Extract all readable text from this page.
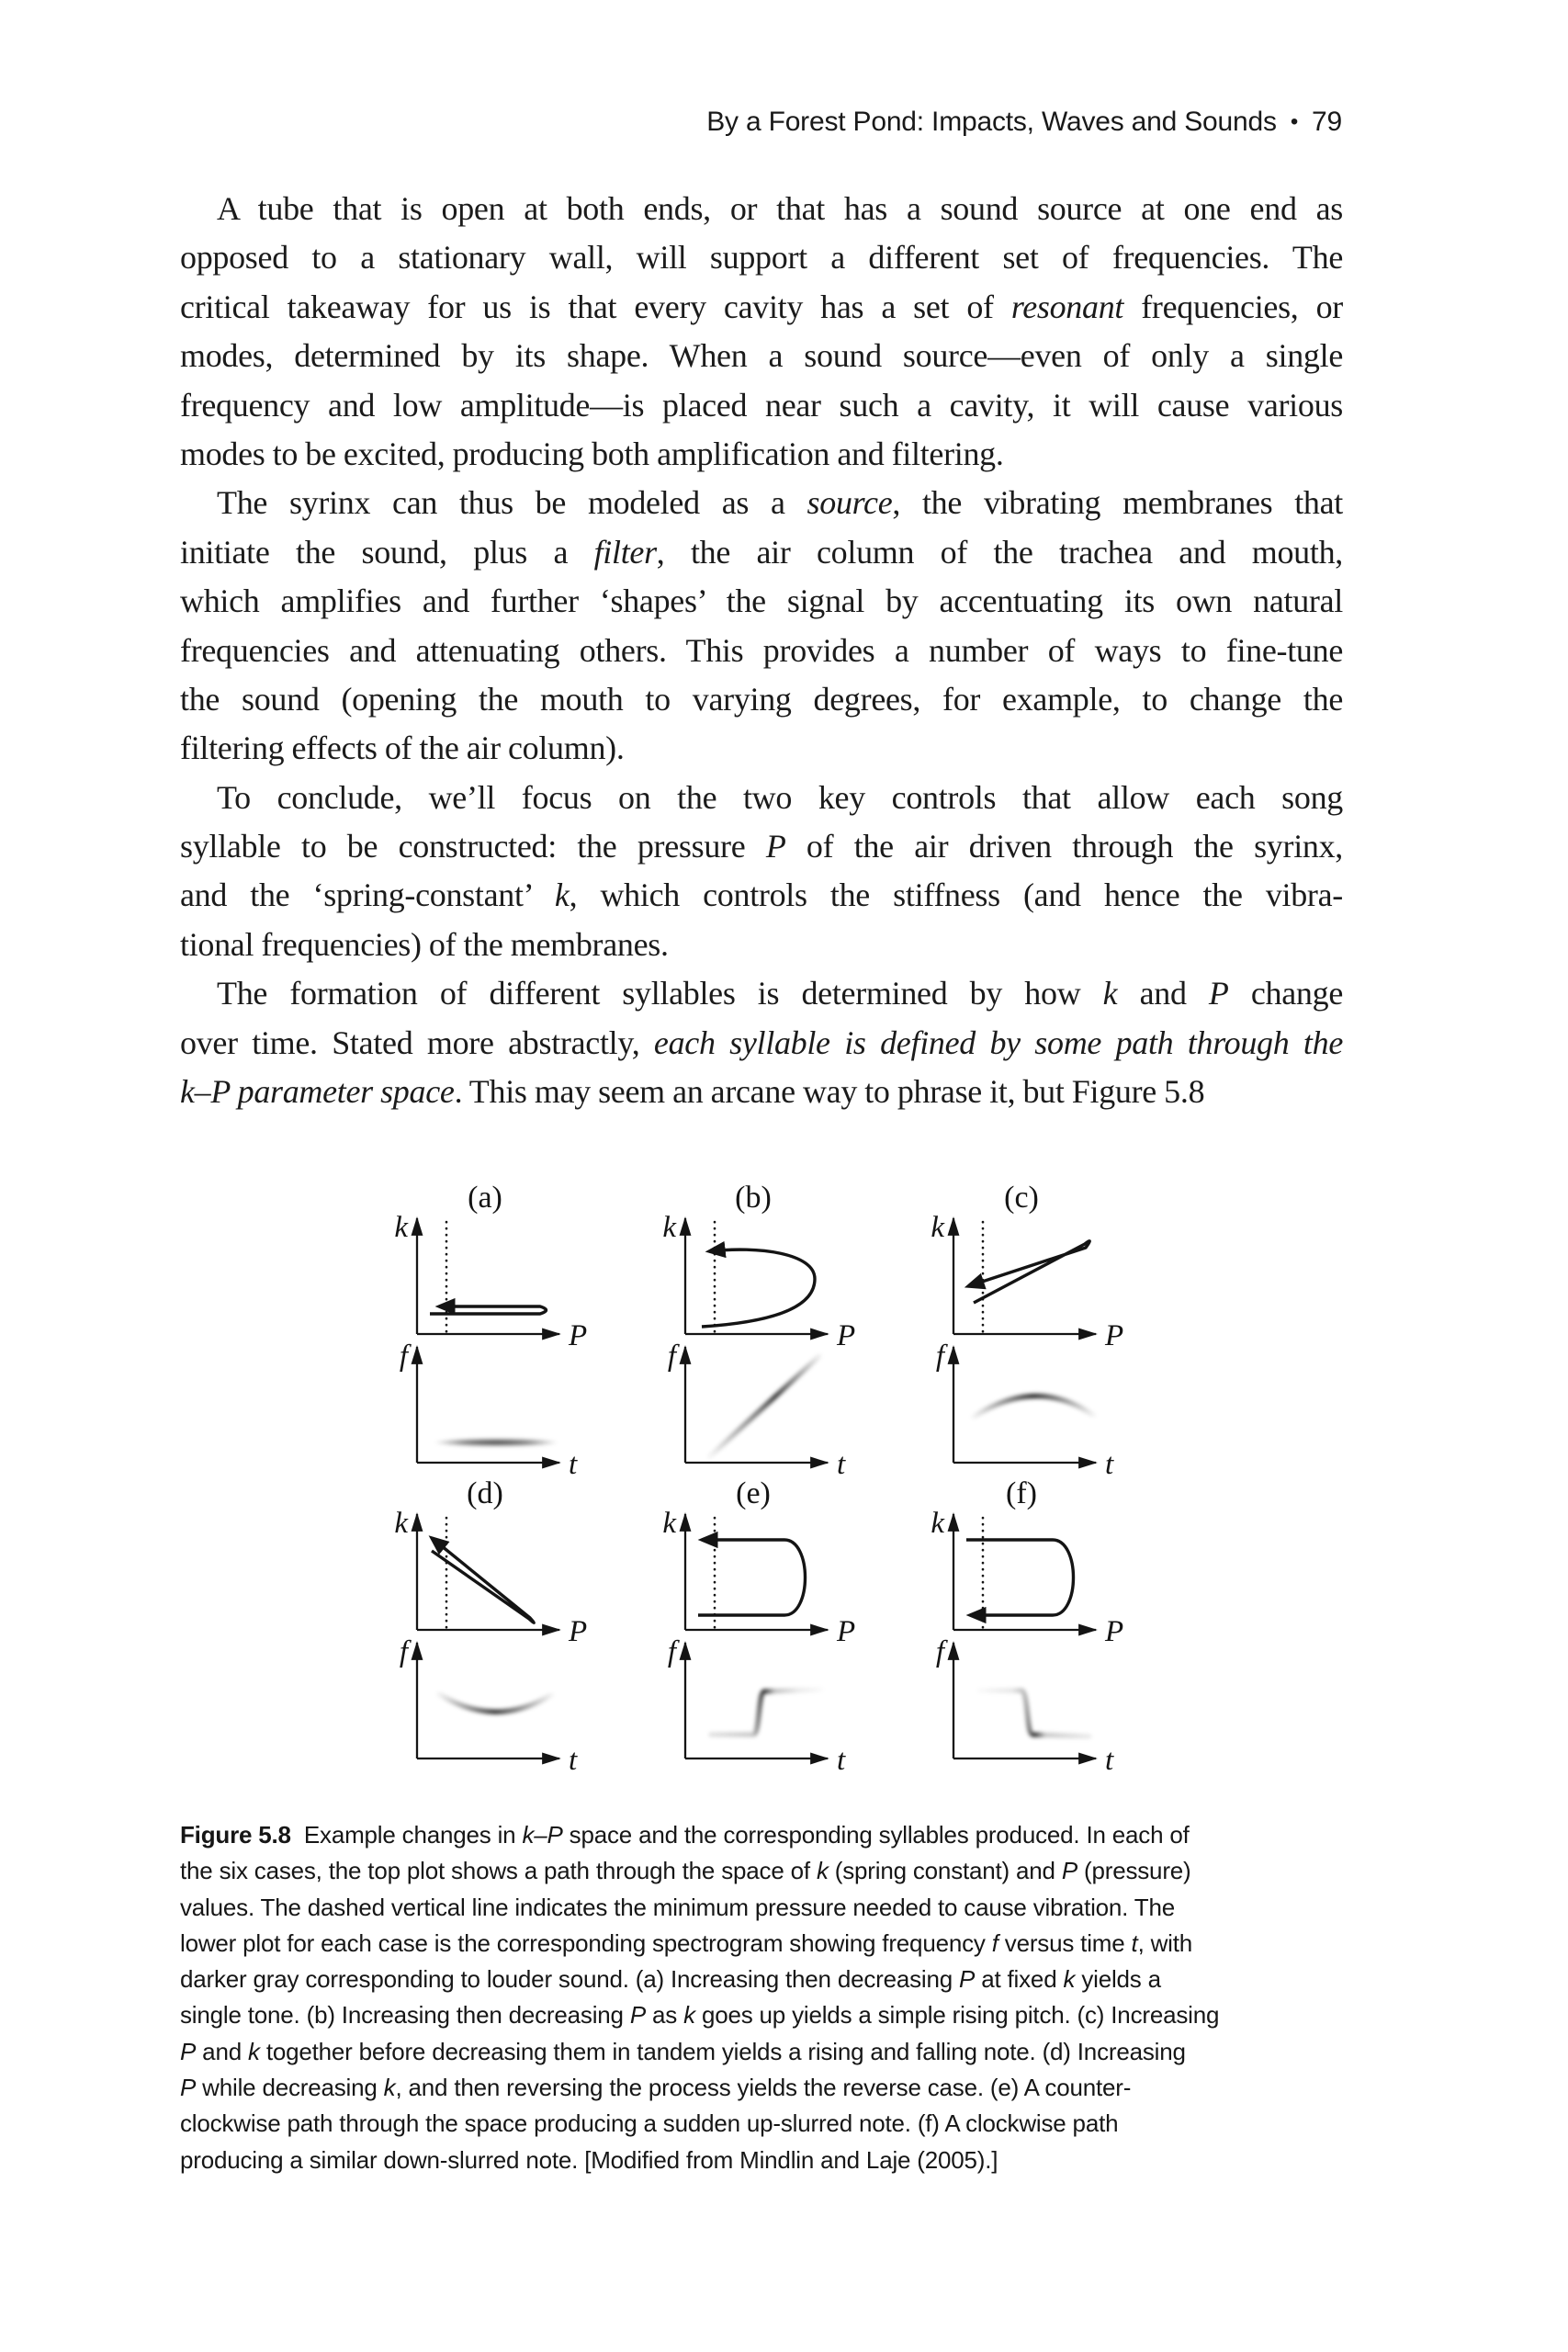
By a Forest Pond: Impacts, Waves and Sounds • 79
A tube that is open at both ends, or that has a sound source at one end as
opposed to a stationary wall, will support a different set of frequencies. The
critical takeaway for us is that every cavity has a set of resonant frequencies, or
modes, determined by its shape. When a sound source—even of only a single
frequency and low amplitude—is placed near such a cavity, it will cause various
modes to be excited, producing both amplification and filtering.
The syrinx can thus be modeled as a source, the vibrating membranes that
initiate the sound, plus a filter, the air column of the trachea and mouth,
which amplifies and further ‘shapes’ the signal by accentuating its own natural
frequencies and attenuating others. This provides a number of ways to fine-tune
the sound (opening the mouth to varying degrees, for example, to change the
filtering effects of the air column).
To conclude, we’ll focus on the two key controls that allow each song
syllable to be constructed: the pressure P of the air driven through the syrinx,
and the ‘spring-constant’ k, which controls the stiffness (and hence the vibra-
tional frequencies) of the membranes.
The formation of different syllables is determined by how k and P change
over time. Stated more abstractly, each syllable is defined by some path through the
k–P parameter space. This may seem an arcane way to phrase it, but Figure 5.8
(a)
k
P
f
t
(b)
k
P
f
t
(c)
k
P
f
t
(d)
k
P
f
t
(e)
k
P
f
t
(f)
k
P
f
t
Figure 5.8  Example changes in k–P space and the corresponding syllables produced. In each of
the six cases, the top plot shows a path through the space of k (spring constant) and P (pressure)
values. The dashed vertical line indicates the minimum pressure needed to cause vibration. The
lower plot for each case is the corresponding spectrogram showing frequency f versus time t, with
darker gray corresponding to louder sound. (a) Increasing then decreasing P at fixed k yields a
single tone. (b) Increasing then decreasing P as k goes up yields a simple rising pitch. (c) Increasing
P and k together before decreasing them in tandem yields a rising and falling note. (d) Increasing
P while decreasing k, and then reversing the process yields the reverse case. (e) A counter-
clockwise path through the space producing a sudden up-slurred note. (f) A clockwise path
producing a similar down-slurred note. [Modified from Mindlin and Laje (2005).]
